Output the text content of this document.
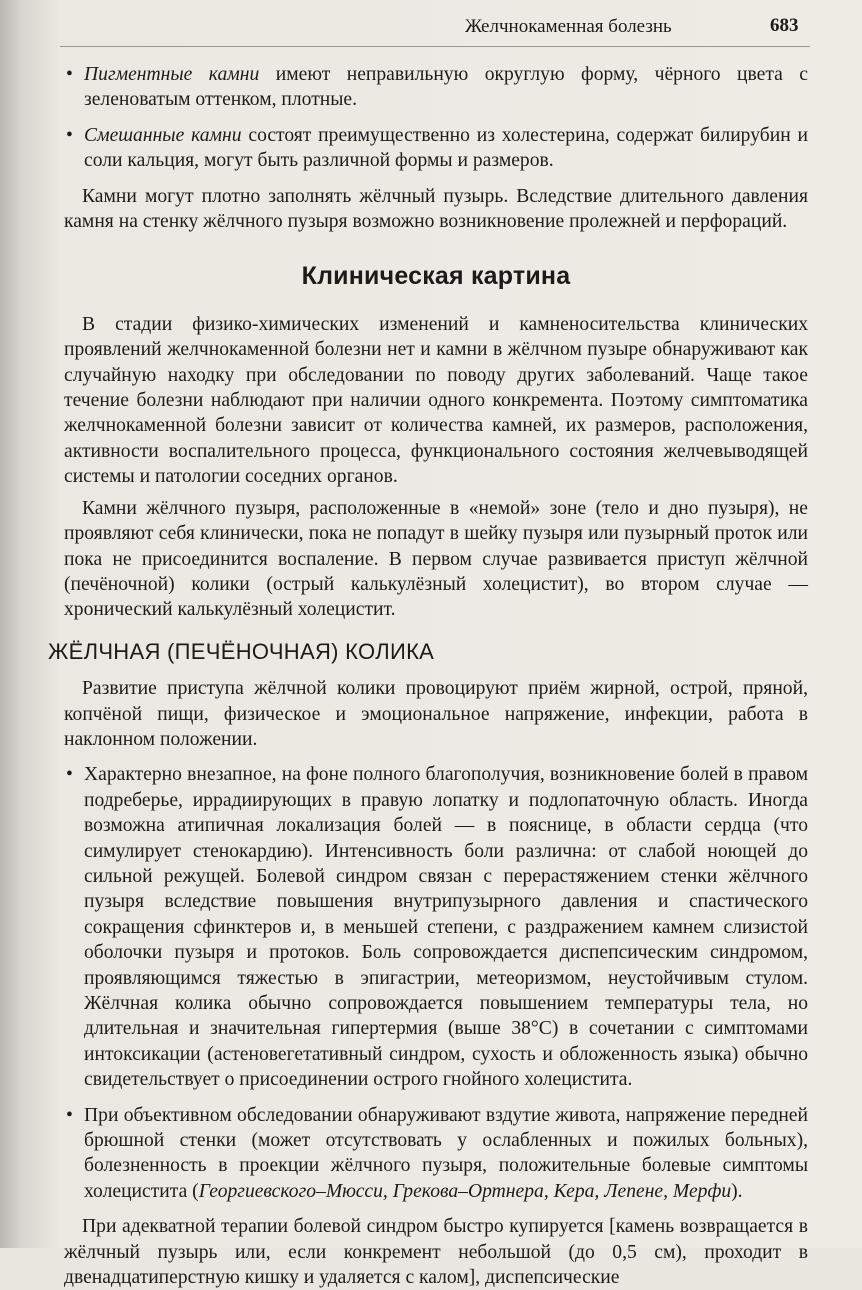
Желчнокаменная болезнь	683
• Пигментные камни имеют неправильную округлую форму, чёрного цвета с зеленоватым оттенком, плотные.
• Смешанные камни состоят преимущественно из холестерина, содержат билирубин и соли кальция, могут быть различной формы и размеров.

Камни могут плотно заполнять жёлчный пузырь. Вследствие длительного давления камня на стенку жёлчного пузыря возможно возникновение пролежней и перфораций.

Клиническая картина

В стадии физико-химических изменений и камненосительства клинических проявлений желчнокаменной болезни нет и камни в жёлчном пузыре обнаруживают как случайную находку при обследовании по поводу других заболеваний. Чаще такое течение болезни наблюдают при наличии одного конкремента. Поэтому симптоматика желчнокаменной болезни зависит от количества камней, их размеров, расположения, активности воспалительного процесса, функционального состояния желчевыводящей системы и патологии соседних органов.

Камни жёлчного пузыря, расположенные в «немой» зоне (тело и дно пузыря), не проявляют себя клинически, пока не попадут в шейку пузыря или пузырный проток или пока не присоединится воспаление. В первом случае развивается приступ жёлчной (печёночной) колики (острый калькулёзный холецистит), во втором случае — хронический калькулёзный холецистит.

ЖЁЛЧНАЯ (ПЕЧЁНОЧНАЯ) КОЛИКА

Развитие приступа жёлчной колики провоцируют приём жирной, острой, пряной, копчёной пищи, физическое и эмоциональное напряжение, инфекции, работа в наклонном положении.

• Характерно внезапное, на фоне полного благополучия, возникновение болей в правом подреберье, иррадиирующих в правую лопатку и подлопаточную область. Иногда возможна атипичная локализация болей — в пояснице, в области сердца (что симулирует стенокардию). Интенсивность боли различна: от слабой ноющей до сильной режущей. Болевой синдром связан с перерастяжением стенки жёлчного пузыря вследствие повышения внутрипузырного давления и спастического сокращения сфинктеров и, в меньшей степени, с раздражением камнем слизистой оболочки пузыря и протоков. Боль сопровождается диспепсическим синдромом, проявляющимся тяжестью в эпигастрии, метеоризмом, неустойчивым стулом. Жёлчная колика обычно сопровождается повышением температуры тела, но длительная и значительная гипертермия (выше 38°С) в сочетании с симптомами интоксикации (астеновегетативный синдром, сухость и обложенность языка) обычно свидетельствует о присоединении острого гнойного холецистита.
• При объективном обследовании обнаруживают вздутие живота, напряжение передней брюшной стенки (может отсутствовать у ослабленных и пожилых больных), болезненность в проекции жёлчного пузыря, положительные болевые симптомы холецистита (Георгиевского–Мюсси, Грекова–Ортнера, Кера, Лепене, Мерфи).

При адекватной терапии болевой синдром быстро купируется [камень возвращается в жёлчный пузырь или, если конкремент небольшой (до 0,5 см), проходит в двенадцатиперстную кишку и удаляется с калом], диспепсические
